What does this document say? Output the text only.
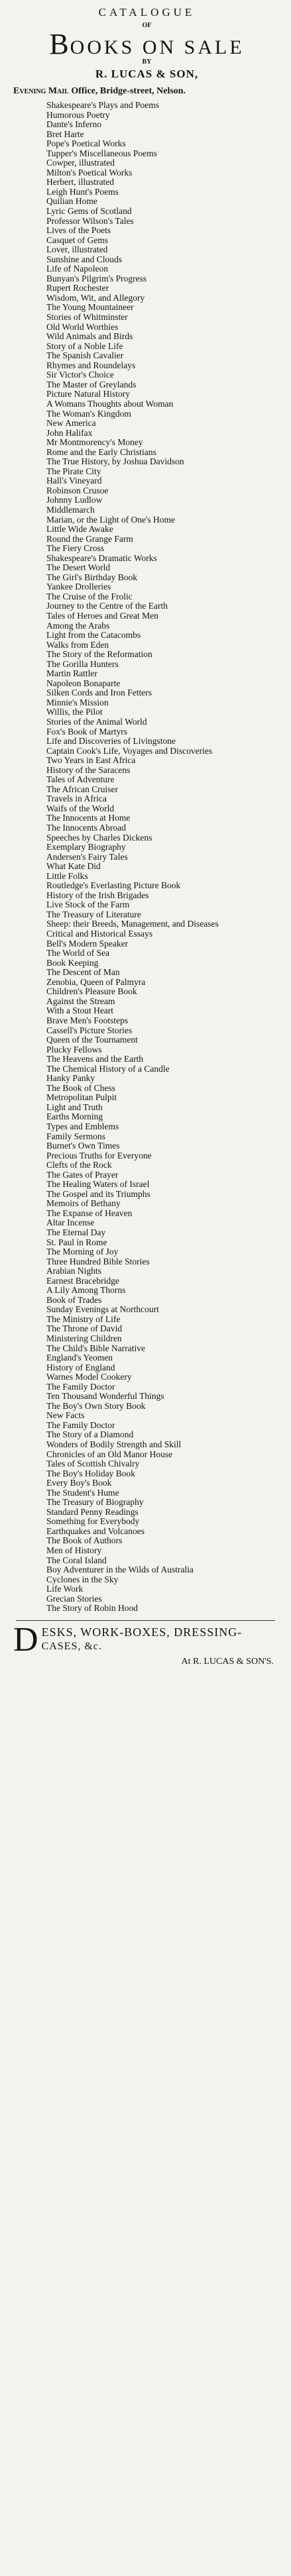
CATALOGUE
OF
BOOKS ON SALE
BY
R. LUCAS & SON,
Evening Mail Office, Bridge-street, Nelson.
Shakespeare's Plays and Poems
Humorous Poetry
Dante's Inferno
Bret Harte
Pope's Poetical Works
Tupper's Miscellaneous Poems
Cowper, illustrated
Milton's Poetical Works
Herbert, illustrated
Leigh Hunt's Poems
Quilian Home
Lyric Gems of Scotland
Professor Wilson's Tales
Lives of the Poets
Casquet of Gems
Lover, illustrated
Sunshine and Clouds
Life of Napoleon
Bunyan's Pilgrim's Progress
Rupert Rochester
Wisdom, Wit, and Allegory
The Young Mountaineer
Stories of Whitminster
Old World Worthies
Wild Animals and Birds
Story of a Noble Life
The Spanish Cavalier
Rhymes and Roundelays
Sir Victor's Choice
The Master of Greylands
Picture Natural History
A Womans Thoughts about Woman
The Woman's Kingdom
New America
John Halifax
Mr Montmorency's Money
Rome and the Early Christians
The True History, by Joshua Davidson
The Pirate City
Hall's Vineyard
Robinson Crusoe
Johnny Ludlow
Middlemarch
Marian, or the Light of One's Home
Little Wide Awake
Round the Grange Farm
The Fiery Cross
Shakespeare's Dramatic Works
The Desert World
The Girl's Birthday Book
Yankee Drolleries
The Cruise of the Frolic
Journey to the Centre of the Earth
Tales of Heroes and Great Men
Among the Arabs
Light from the Catacombs
Walks from Eden
The Story of the Reformation
The Gorilla Hunters
Martin Rattler
Napoleon Bonaparte
Silken Cords and Iron Fetters
Minnie's Mission
Willis, the Pilot
Stories of the Animal World
Fox's Book of Martyrs
Life and Discoveries of Livingstone
Captain Cook's Life, Voyages and Discoveries
Two Years in East Africa
History of the Saracens
Tales of Adventure
The African Cruiser
Travels in Africa
Waifs of the World
The Innocents at Home
The Innocents Abroad
Speeches by Charles Dickens
Exemplary Biography
Andersen's Fairy Tales
What Kate Did
Little Folks
Routledge's Everlasting Picture Book
History of the Irish Brigades
Live Stock of the Farm
The Treasury of Literature
Sheep: their Breeds, Management, and Diseases
Critical and Historical Essays
Bell's Modern Speaker
The World of Sea
Book Keeping
The Descent of Man
Zenobia, Queen of Palmyra
Children's Pleasure Book
Against the Stream
With a Stout Heart
Brave Men's Footsteps
Cassell's Picture Stories
Queen of the Tournament
Plucky Fellows
The Heavens and the Earth
The Chemical History of a Candle
Hanky Panky
The Book of Chess
Metropolitan Pulpit
Light and Truth
Earths Morning
Types and Emblems
Family Sermons
Burnet's Own Times
Precious Truths for Everyone
Clefts of the Rock
The Gates of Prayer
The Healing Waters of Israel
The Gospel and its Triumphs
Memoirs of Bethany
The Expanse of Heaven
Altar Incense
The Eternal Day
St. Paul in Rome
The Morning of Joy
Three Hundred Bible Stories
Arabian Nights
Earnest Bracebridge
A Lily Among Thorns
Book of Trades
Sunday Evenings at Northcourt
The Ministry of Life
The Throne of David
Ministering Children
The Child's Bible Narrative
England's Yeomen
History of England
Warnes Model Cookery
The Family Doctor
Ten Thousand Wonderful Things
The Boy's Own Story Book
New Facts
The Family Doctor
The Story of a Diamond
Wonders of Bodily Strength and Skill
Chronicles of an Old Manor House
Tales of Scottish Chivalry
The Boy's Holiday Book
Every Boy's Book
The Student's Hume
The Treasury of Biography
Standard Penny Readings
Something for Everybody
Earthquakes and Volcanoes
The Book of Authors
Men of History
The Coral Island
Boy Adventurer in the Wilds of Australia
Cyclones in the Sky
Life Work
Grecian Stories
The Story of Robin Hood
D ESKS, WORK-BOXES, DRESSING-
CASES, &c.
At R. LUCAS & SON'S.
